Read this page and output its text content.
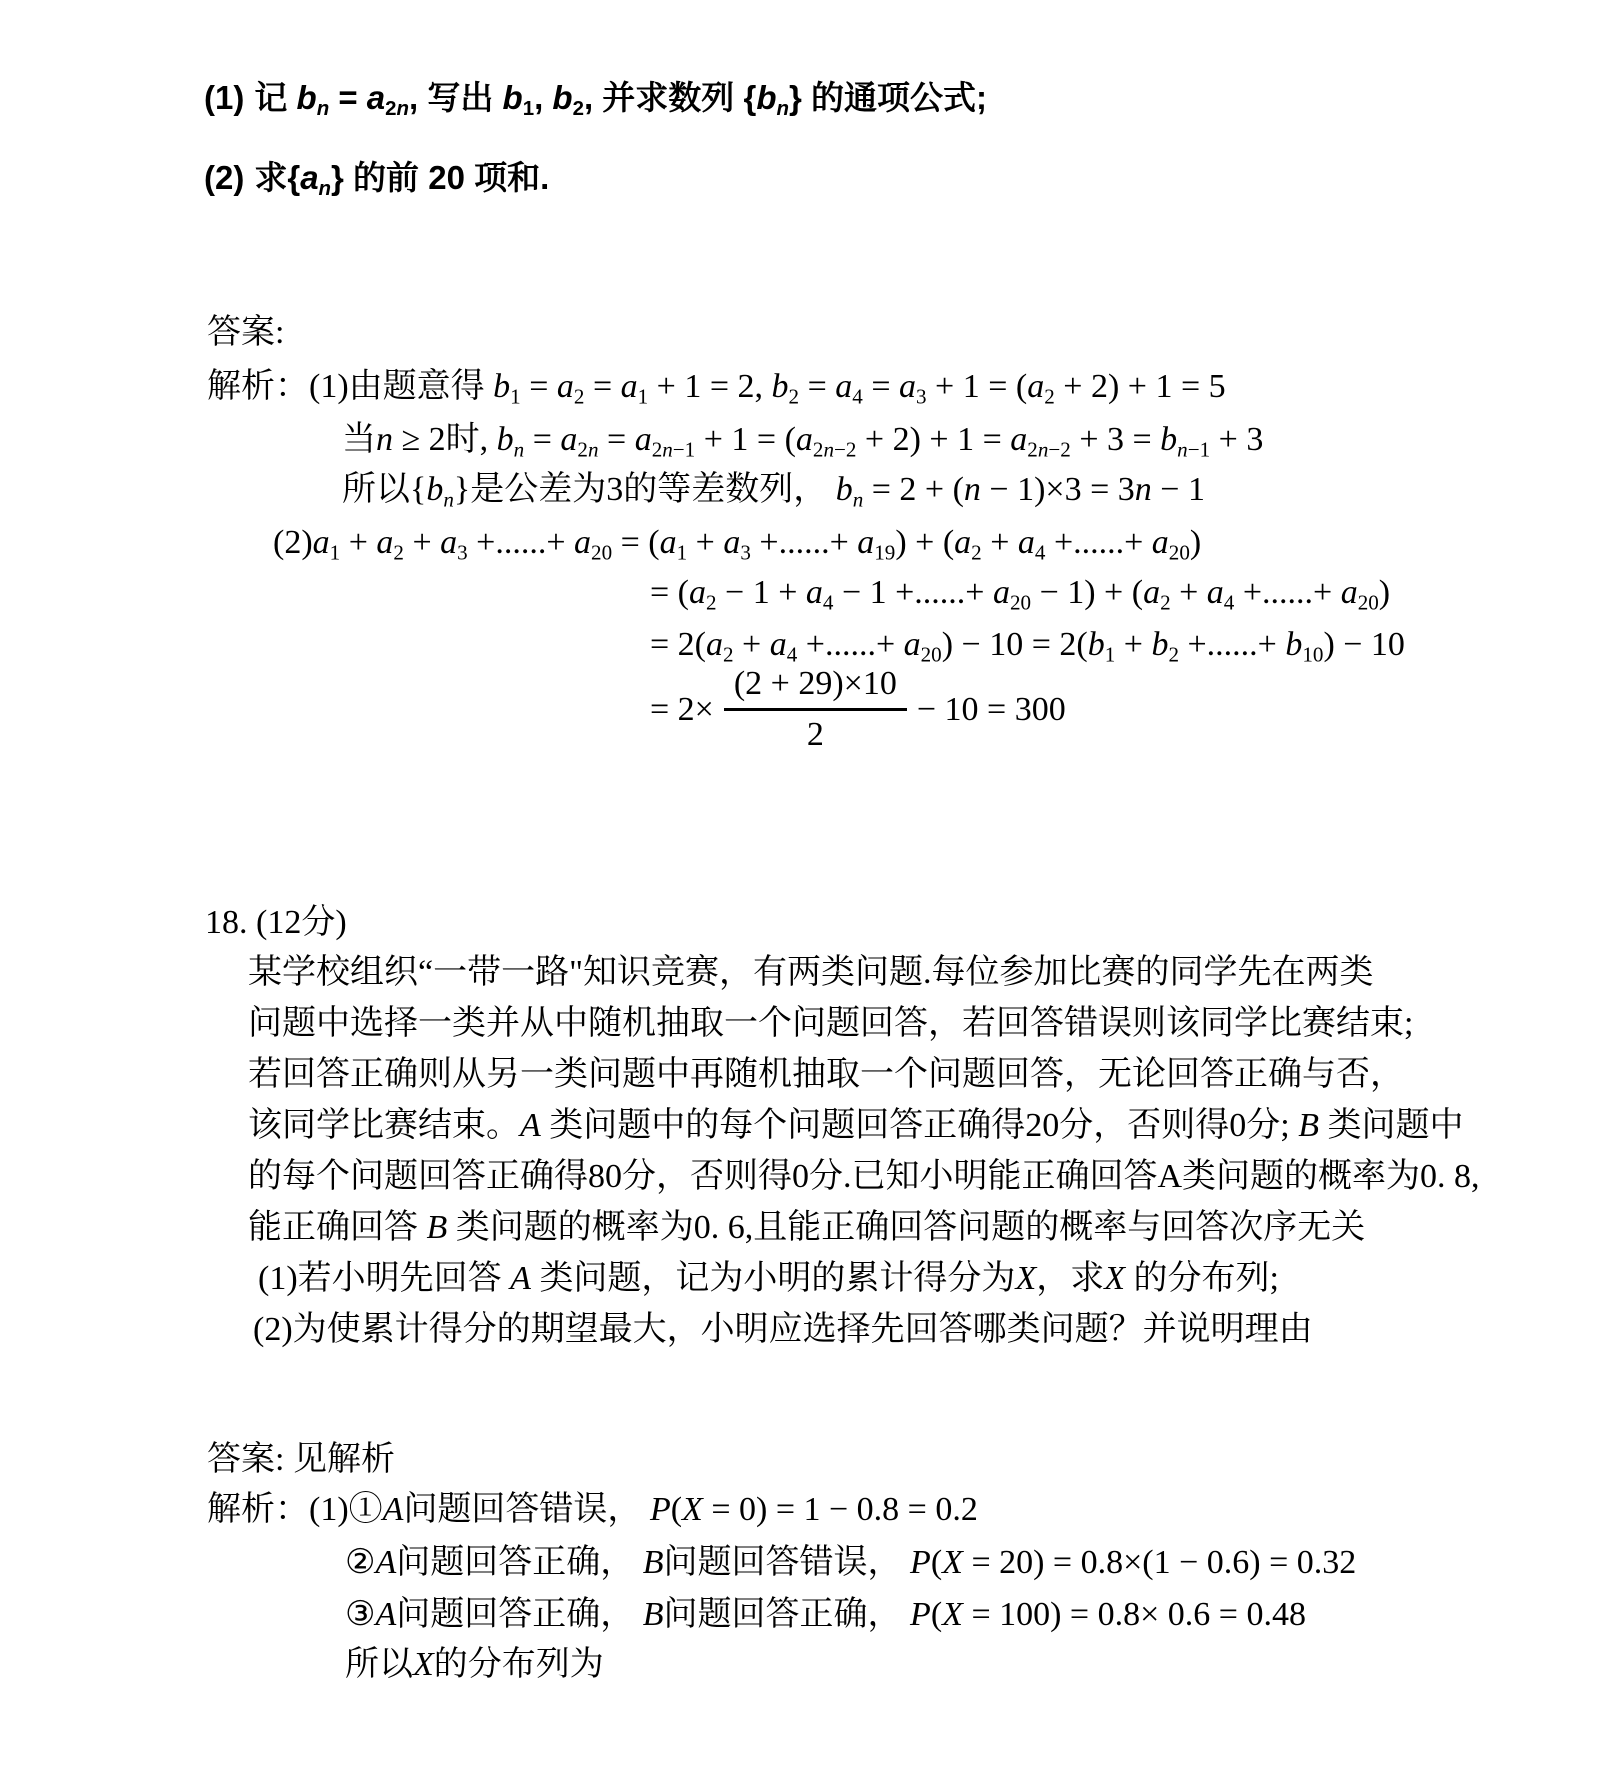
(1) 记 $b_n = a_{2n}$, 写出 $b_1$, $b_2$, 并求数列 $\{b_n\}$ 的通项公式;
(2) 求$\{a_n\}$ 的前 20 项和.
答案:
解析：(1)由题意得 $b_1 = a_2 = a_1 + 1 = 2$, $b_2 = a_4 = a_3 + 1 = (a_2 + 2) + 1 = 5$
当n ≥ 2时, $b_n = a_{2n} = a_{2n-1} + 1 = (a_{2n-2} + 2) + 1 = a_{2n-2} + 3 = b_{n-1} + 3$
所以$\{b_n\}$是公差为3的等差数列， $b_n = 2 + (n - 1)\times 3 = 3n - 1$
$(2)a_1 + a_2 + a_3$ +......+ $a_{20} = (a_1 + a_3$ +......+ $a_{19}) + (a_2 + a_4$ +......+ $a_{20}$)
= ($a_2 - 1 + a_4 - 1$ +......+ $a_{20} - 1) + (a_2 + a_4$ +......+ $a_{20}$)
= $2(a_2 + a_4$ +......+ $a_{20}) - 10 = 2(b_1 + b_2$ +......+ $b_{10}) - 10$
= $2\times \frac{(2 + 29)\times 10}{2} - 10 = 300$
18. (12分)
某学校组织“一带一路"知识竞赛，有两类问题.每位参加比赛的同学先在两类
问题中选择一类并从中随机抽取一个问题回答，若回答错误则该同学比赛结束;
若回答正确则从另一类问题中再随机抽取一个问题回答，无论回答正确与否，
该同学比赛结束。A 类问题中的每个问题回答正确得20分，否则得0分; B 类问题中
的每个问题回答正确得80分，否则得0分.已知小明能正确回答A类问题的概率为0. 8,
能正确回答 B 类问题的概率为0. 6,且能正确回答问题的概率与回答次序无关
(1)若小明先回答 A 类问题，记为小明的累计得分为X，求X 的分布列;
(2)为使累计得分的期望最大，小明应选择先回答哪类问题？并说明理由
答案: 见解析
解析：(1)①A问题回答错误， P(X = 0) = 1 − 0.8 = 0.2
②A问题回答正确， B问题回答错误， P(X = 20) = 0.8×(1 − 0.6) = 0.32
③A问题回答正确， B问题回答正确， P(X = 100) = 0.8× 0.6 = 0.48
所以X的分布列为
